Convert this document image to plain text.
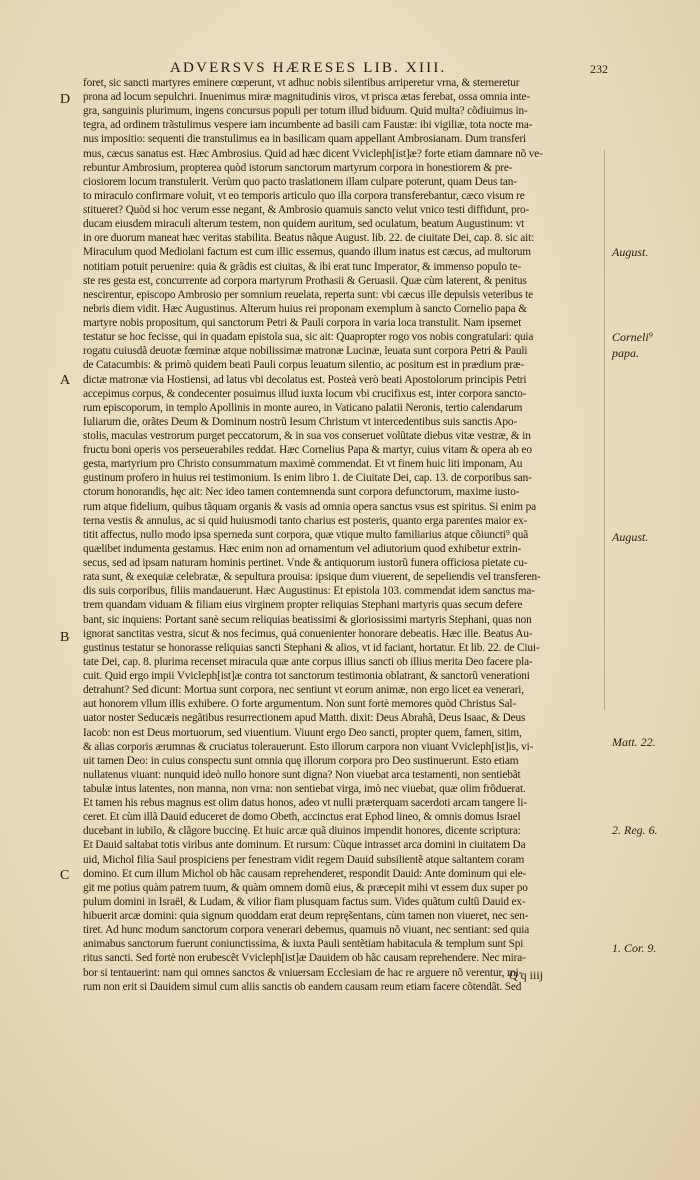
ADVERSVS HÆRESES LIB. XIII.	232
foret, sic sancti martyres eminere cœperunt, vt adhuc nobis silentibus arriperetur vrna, & sterneretur
prona ad locum sepulchri. Inuenimus miræ magnitudinis viros, vt prisca ætas ferebat, ossa omnia inte-
gra, sanguinis plurimum, ingens concursus populi per totum illud biduum. Quid multa? cõdiuimus in-
tegra, ad ordinem trãstulimus vespere iam incumbente ad basili cam Faustæ: ibi vigiliæ, tota nocte ma-
nus impositio: sequenti die transtulimus ea in basilicam quam appellant Ambrosianam. Dum transferi
mus, cæcus sanatus est. Hæc Ambrosius. Quid ad hæc dicent Vvicleph[ist]æ? forte etiam damnare nõ ve-
rebuntur Ambrosium, propterea quòd istorum sanctorum martyrum corpora in honestiorem & pre-
ciosiorem locum transtulerit. Verùm quo pacto traslationem illam culpare poterunt, quam Deus tan-
to miraculo confirmare voluit, vt eo temporis articulo quo illa corpora transferebantur, cæco visum re
stitueret? Quòd si hoc verum esse negant, & Ambrosio quamuis sancto velut vnico testi diffidunt, pro-
ducam eiusdem miraculi alterum testem, non quidem auritum, sed oculatum, beatum Augustinum: vt
in ore duorum maneat hæc veritas stabilita. Beatus nãque August. lib. 22. de ciuitate Dei, cap. 8. sic ait:
Miraculum quod Mediolani factum est cum illic essemus, quando illum inatus est cæcus, ad multorum
notitiam potuit peruenire: quia & grãdis est ciuitas, & ibi erat tunc Imperator, & immenso populo te-
ste res gesta est, concurrente ad corpora martyrum Prothasii & Geruasii. Quæ cùm laterent, & penitus
nescirentur, episcopo Ambrosio per somnium reuelata, reperta sunt: vbi cæcus ille depulsis veteribus te
nebris diem vidit. Hæc Augustinus. Alterum huius rei proponam exemplum à sancto Cornelio papa &
martyre nobis propositum, qui sanctorum Petri & Pauli corpora in varia loca transtulit. Nam ipsemet
testatur se hoc fecisse, qui in quadam epistola sua, sic ait: Quapropter rogo vos nobis congratulari: quia
rogatu cuiusdã deuotæ fœminæ atque nobilissimæ matronæ Lucinæ, leuata sunt corpora Petri & Pauli
de Catacumbis: & primò quidem beati Pauli corpus leuatum silentio, ac positum est in prædium præ-
dictæ matronæ via Hostiensi, ad latus vbi decolatus est. Posteà verò beati Apostolorum principis Petri
accepimus corpus, & condecenter posuimus illud iuxta locum vbi crucifixus est, inter corpora sancto-
rum episcoporum, in templo Apollinis in monte aureo, in Vaticano palatii Neronis, tertio calendarum
Iuliarum die, orãtes Deum & Dominum nostrũ Iesum Christum vt intercedentibus suis sanctis Apo-
stolis, maculas vestrorum purget peccatorum, & in sua vos conseruet volũtate diebus vitæ vestræ, & in
fructu boni operis vos perseuerabiles reddat. Hæc Cornelius Papa & martyr, cuius vitam & opera ab eo
gesta, martyrium pro Christo consummatum maximè commendat. Et vt finem huic liti imponam, Au
gustinum profero in huius rei testimonium. Is enim libro 1. de Ciuitate Dei, cap. 13. de corporibus san-
ctorum honorandis, hęc ait: Nec ideo tamen contemnenda sunt corpora defunctorum, maxime iusto-
rum atque fidelium, quibus tãquam organis & vasis ad omnia opera sanctus vsus est spiritus. Si enim pa
terna vestis & annulus, ac si quid huiusmodi tanto charius est posteris, quanto erga parentes maior ex-
titit affectus, nullo modo ipsa sperneda sunt corpora, quæ vtique multo familiarius atque cõiuncti⁹ quã
quælibet indumenta gestamus. Hæc enim non ad ornamentum vel adiutorium quod exhibetur extrin-
secus, sed ad ipsam naturam hominis pertinet. Vnde & antiquorum iustorũ funera officiosa pietate cu-
rata sunt, & exequiæ celebratæ, & sepultura prouisa: ipsique dum viuerent, de sepeliendis vel transferen-
dis suis corporibus, filiis mandauerunt. Hæc Augustinus: Et epistola 103. commendat idem sanctus ma-
trem quandam viduam & filiam eius virginem propter reliquias Stephani martyris quas secum defere
bant, sic inquiens: Portant sanè secum reliquias beatissimi & gloriosissimi martyris Stephani, quas non
ignorat sanctitas vestra, sicut & nos fecimus, quá conuenienter honorare debeatis. Hæc ille. Beatus Au-
gustinus testatur se honorasse reliquias sancti Stephani & alios, vt id faciant, hortatur. Et lib. 22. de Ciui-
tate Dei, cap. 8. plurima recenset miracula quæ ante corpus illius sancti ob illius merita Deo facere pla-
cuit. Quid ergo impii Vvicleph[ist]æ contra tot sanctorum testimonia oblatrant, & sanctorũ venerationi
detrahunt? Sed dicunt: Mortua sunt corpora, nec sentiunt vt eorum animæ, non ergo licet ea venerari,
aut honorem vllum illis exhibere. O forte argumentum. Non sunt fortè memores quòd Christus Sal-
uator noster Seducæis negãtibus resurrectionem apud Matth. dixit: Deus Abrahã, Deus Isaac, & Deus
Iacob: non est Deus mortuorum, sed viuentium. Viuunt ergo Deo sancti, propter quem, famen, sitim,
& alias corporis ærumnas & cruciatus tolerauerunt. Esto illorum carpora non viuant Vvicleph[ist]is, vi-
uit tamen Deo: in cuius conspectu sunt omnia quę illorum corpora pro Deo sustinuerunt. Esto etiam
nullatenus viuant: nunquid ideò nullo honore sunt digna? Non viuebat arca testamenti, non sentiebãt
tabulæ intus latentes, non manna, non vrna: non sentiebat virga, imò nec viuebat, quæ olim frõduerat.
Et tamen his rebus magnus est olim datus honos, adeo vt nulli præterquam sacerdoti arcam tangere li-
ceret. Et cùm illã Dauid educeret de domo Obeth, accinctus erat Ephod lineo, & omnis domus Israel
ducebant in iubilo, & clãgore buccinę. Et huic arcæ quã diuinos impendit honores, dicente scriptura:
Et Dauid saltabat totis viribus ante dominum. Et rursum: Cùque intrasset arca domini in ciuitatem Da
uid, Michol filia Saul prospiciens per fenestram vidit regem Dauid subsilientẽ atque saltantem coram
domino. Et cum illum Michol ob hãc causam reprehenderet, respondit Dauid: Ante dominum qui ele-
git me potius quàm patrem tuum, & quàm omnem domũ eius, & præcepit mihi vt essem dux super po
pulum domini in Israël, & Ludam, & vilior fiam plusquam factus sum. Vides quãtum cultũ Dauid ex-
hibuerit arcæ domini: quia signum quoddam erat deum reprę̃sentans, cùm tamen non viueret, nec sen-
tiret. Ad hunc modum sanctorum corpora venerari debemus, quamuis nõ viuant, nec sentiant: sed quia
animabus sanctorum fuerunt coniunctissima, & iuxta Pauli sentẽtiam habitacula & templum sunt Spi
ritus sancti. Sed fortè non erubescẽt Vvicleph[ist]æ Dauidem ob hãc causam reprehendere. Nec mira-
bor si tentauerint: nam qui omnes sanctos & vniuersam Ecclesiam de hac re arguere nõ verentur, mi-
rum non erit si Dauidem simul cum aliis sanctis ob eandem causam reum etiam facere cõtendãt. Sed
D
A
B
C
August.
Corneli⁹
papa.
August.
Matt. 22.
2. Reg. 6.
1. Cor. 9.
Q q iiij
